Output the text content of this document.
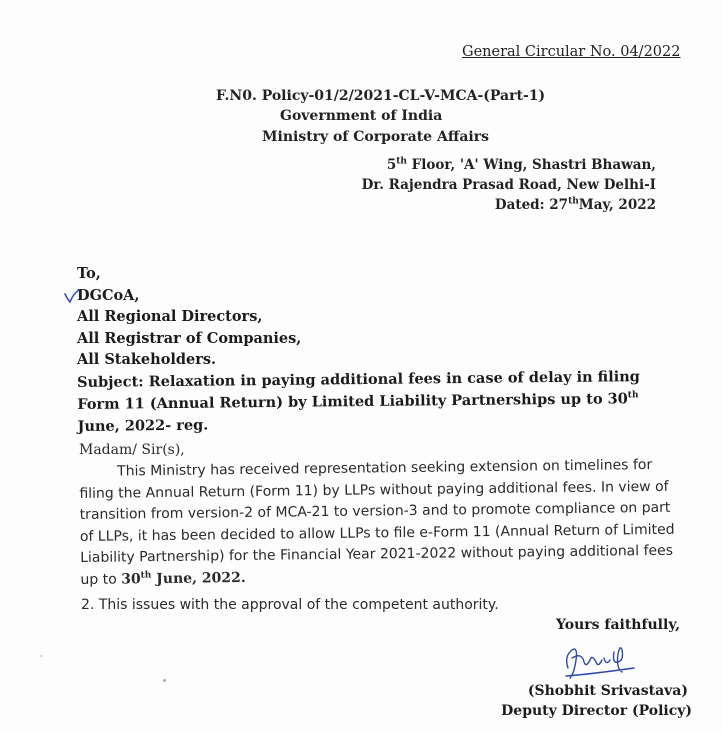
General Circular No. 04/2022
F.N0. Policy-01/2/2021-CL-V-MCA-(Part-1)
Government of India
Ministry of Corporate Affairs
5th Floor, 'A' Wing, Shastri Bhawan,
Dr. Rajendra Prasad Road, New Delhi-I
Dated: 27thMay, 2022
To,
DGCoA,
All Regional Directors,
All Registrar of Companies,
All Stakeholders.
Subject: Relaxation in paying additional fees in case of delay in filing Form 11 (Annual Return) by Limited Liability Partnerships up to 30th June, 2022- reg.
Madam/ Sir(s),
This Ministry has received representation seeking extension on timelines for filing the Annual Return (Form 11) by LLPs without paying additional fees. In view of transition from version-2 of MCA-21 to version-3 and to promote compliance on part of LLPs, it has been decided to allow LLPs to file e-Form 11 (Annual Return of Limited Liability Partnership) for the Financial Year 2021-2022 without paying additional fees up to 30th June, 2022.
2. This issues with the approval of the competent authority.
Yours faithfully,
(Shobhit Srivastava)
Deputy Director (Policy)
